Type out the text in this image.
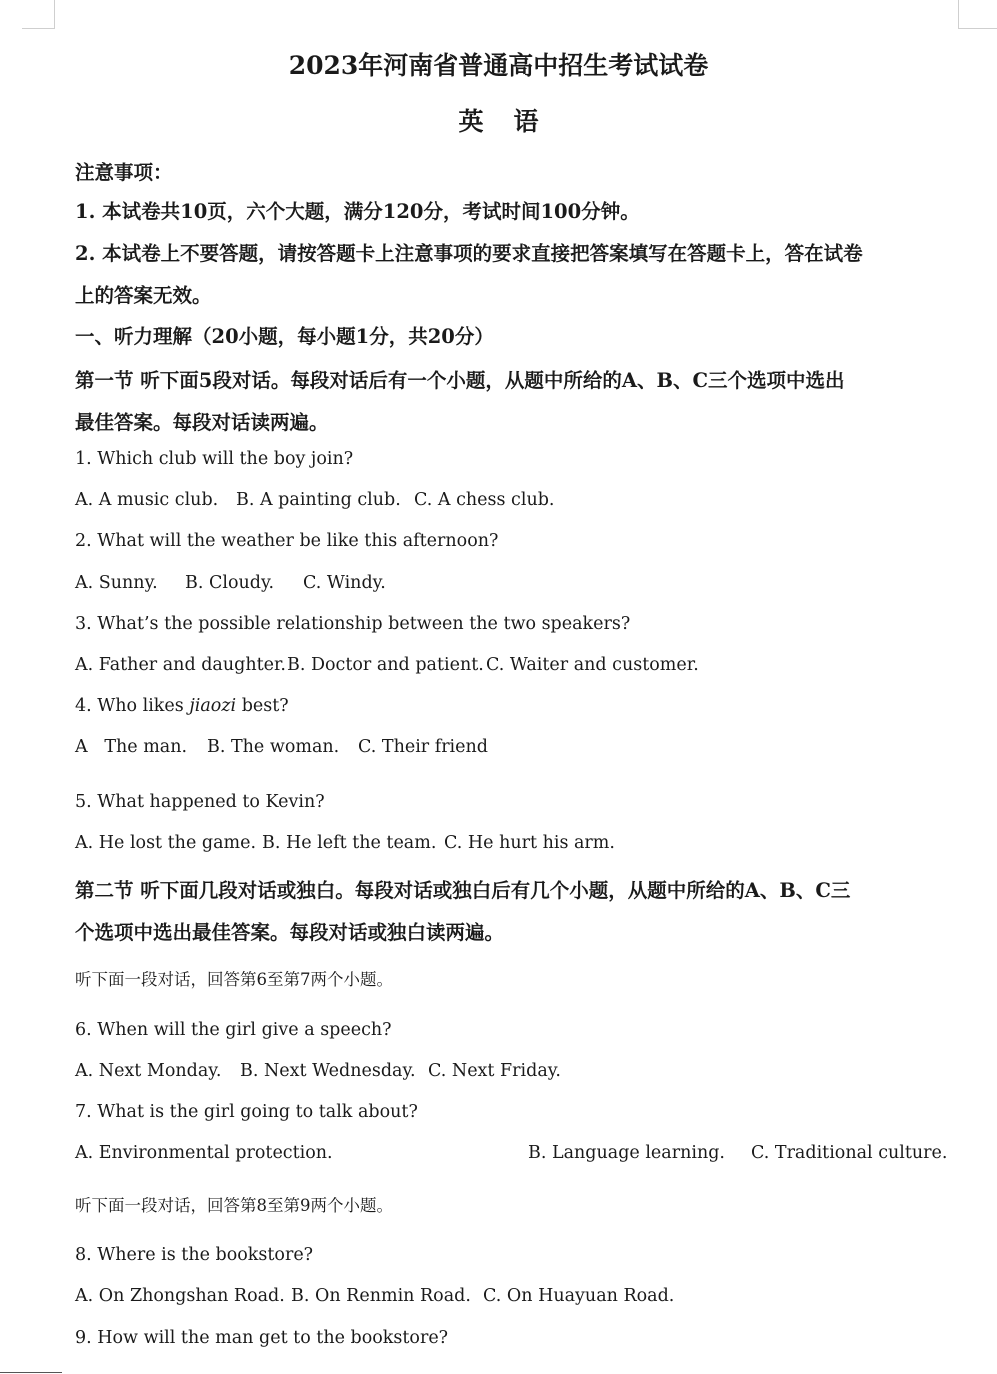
2023年河南省普通高中招生考试试卷
英语
注意事项：
1. 本试卷共10页，六个大题，满分120分，考试时间100分钟。
2. 本试卷上不要答题，请按答题卡上注意事项的要求直接把答案填写在答题卡上，答在试卷
上的答案无效。
一、听力理解（20小题，每小题1分，共20分）
第一节 听下面5段对话。每段对话后有一个小题，从题中所给的A、B、C三个选项中选出
最佳答案。每段对话读两遍。
1. Which club will the boy join?
A. A music club. B. A painting club. C. A chess club.
2. What will the weather be like this afternoon?
A. Sunny. B. Cloudy. C. Windy.
3. What’s the possible relationship between the two speakers?
A. Father and daughter. B. Doctor and patient. C. Waiter and customer.
4. Who likes jiaozi best?
A   The man. B. The woman. C. Their friend
5. What happened to Kevin?
A. He lost the game. B. He left the team. C. He hurt his arm.
第二节 听下面几段对话或独白。每段对话或独白后有几个小题，从题中所给的A、B、C三
个选项中选出最佳答案。每段对话或独白读两遍。
听下面一段对话，回答第6至第7两个小题。
6. When will the girl give a speech?
A. Next Monday. B. Next Wednesday. C. Next Friday.
7. What is the girl going to talk about?
A. Environmental protection.	B. Language learning. C. Traditional culture.
听下面一段对话，回答第8至第9两个小题。
8. Where is the bookstore?
A. On Zhongshan Road. B. On Renmin Road. C. On Huayuan Road.
9. How will the man get to the bookstore?
